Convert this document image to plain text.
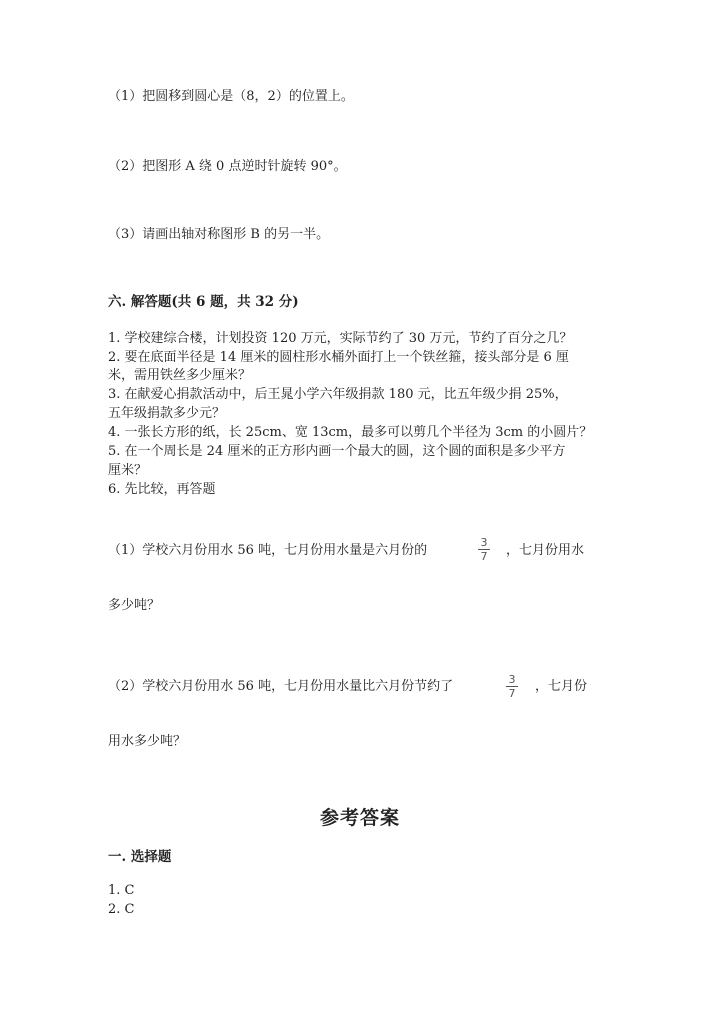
（1）把圆移到圆心是（8，2）的位置上。
（2）把图形 A 绕 0 点逆时针旋转 90°。
（3）请画出轴对称图形 B 的另一半。
六. 解答题(共 6 题，共 32 分)
1. 学校建综合楼，计划投资 120 万元，实际节约了 30 万元，节约了百分之几？
2. 要在底面半径是 14 厘米的圆柱形水桶外面打上一个铁丝箍，接头部分是 6 厘
米，需用铁丝多少厘米？
3. 在献爱心捐款活动中，后王晁小学六年级捐款 180 元，比五年级少捐 25%，
五年级捐款多少元？
4. 一张长方形的纸，长 25cm、宽 13cm，最多可以剪几个半径为 3cm 的小圆片？
5. 在一个周长是 24 厘米的正方形内画一个最大的圆，这个圆的面积是多少平方
厘米？
6. 先比较，再答题
（1）学校六月份用水 56 吨，七月份用水量是六月份的
3
7 ，七月份用水
多少吨？
（2）学校六月份用水 56 吨，七月份用水量比六月份节约了	3
7 ，七月份
用水多少吨？
参考答案
一. 选择题
1. C
2. C
